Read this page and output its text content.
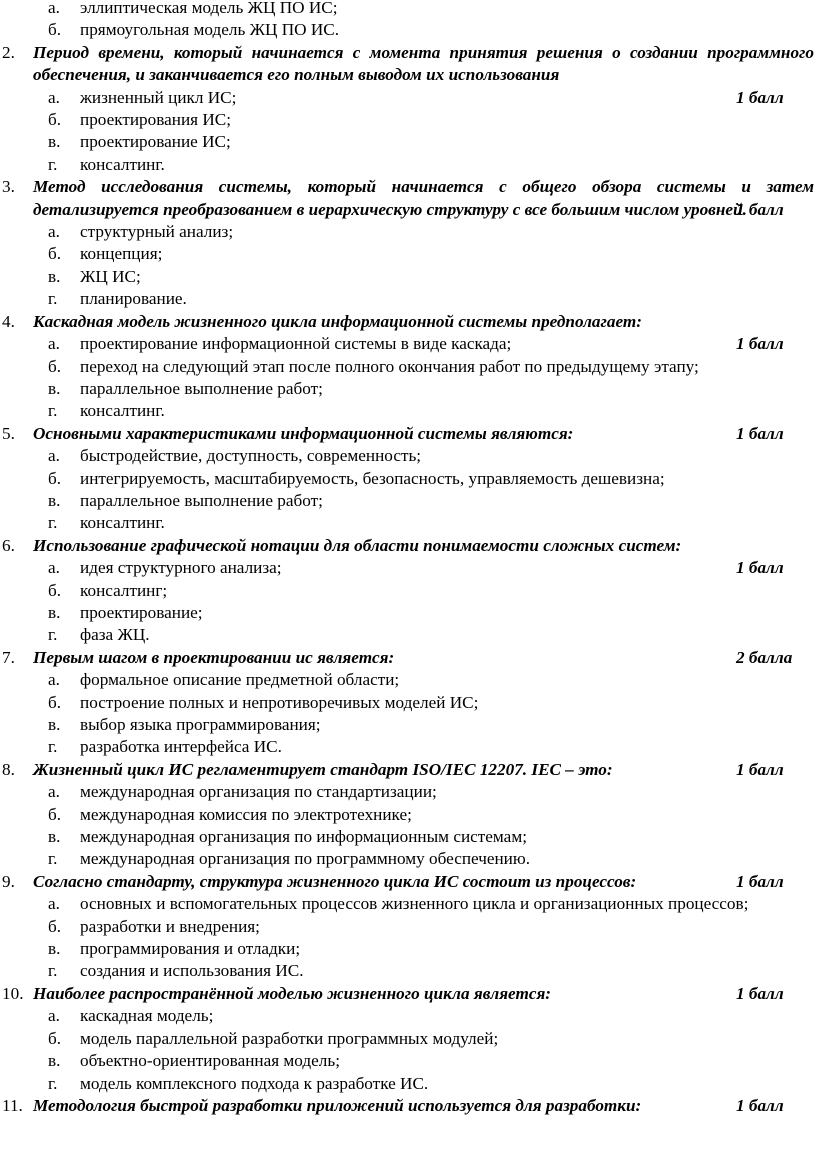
а. эллиптическая модель ЖЦ ПО ИС;
б. прямоугольная модель ЖЦ ПО ИС.
2. Период времени, который начинается с момента принятия решения о создании программного обеспечения, и заканчивается его полным выводом их использования
а. жизненный цикл ИС;	1 балл
б. проектирования ИС;
в. проектирование ИС;
г. консалтинг.
3. Метод исследования системы, который начинается с общего обзора системы и затем детализируется преобразованием в иерархическую структуру с все большим числом уровней.
1 балл
а. структурный анализ;
б. концепция;
в. ЖЦ ИС;
г. планирование.
4. Каскадная модель жизненного цикла информационной системы предполагает:
а. проектирование информационной системы в виде каскада;	1 балл
б. переход на следующий этап после полного окончания работ по предыдущему этапу;
в. параллельное выполнение работ;
г. консалтинг.
5. Основными характеристиками информационной системы являются:	1 балл
а. быстродействие, доступность, современность;
б. интегрируемость, масштабируемость, безопасность, управляемость дешевизна;
в. параллельное выполнение работ;
г. консалтинг.
6. Использование графической нотации для области понимаемости сложных систем:
а. идея структурного анализа;	1 балл
б. консалтинг;
в. проектирование;
г. фаза ЖЦ.
7. Первым шагом в проектировании ис является:	2 балла
а. формальное описание предметной области;
б. построение полных и непротиворечивых моделей ИС;
в. выбор языка программирования;
г. разработка интерфейса ИС.
8. Жизненный цикл ИС регламентирует стандарт ISO/IEC 12207. IEC – это:	1 балл
а. международная организация по стандартизации;
б. международная комиссия по электротехнике;
в. международная организация по информационным системам;
г. международная организация по программному обеспечению.
9. Согласно стандарту, структура жизненного цикла ИС состоит из процессов:	1 балл
а. основных и вспомогательных процессов жизненного цикла и организационных процессов;
б. разработки и внедрения;
в. программирования и отладки;
г. создания и использования ИС.
10. Наиболее распространённой моделью жизненного цикла является:	1 балл
а. каскадная модель;
б. модель параллельной разработки программных модулей;
в. объектно-ориентированная модель;
г. модель комплексного подхода к разработке ИС.
11. Методология быстрой разработки приложений используется для разработки:	1 балл
